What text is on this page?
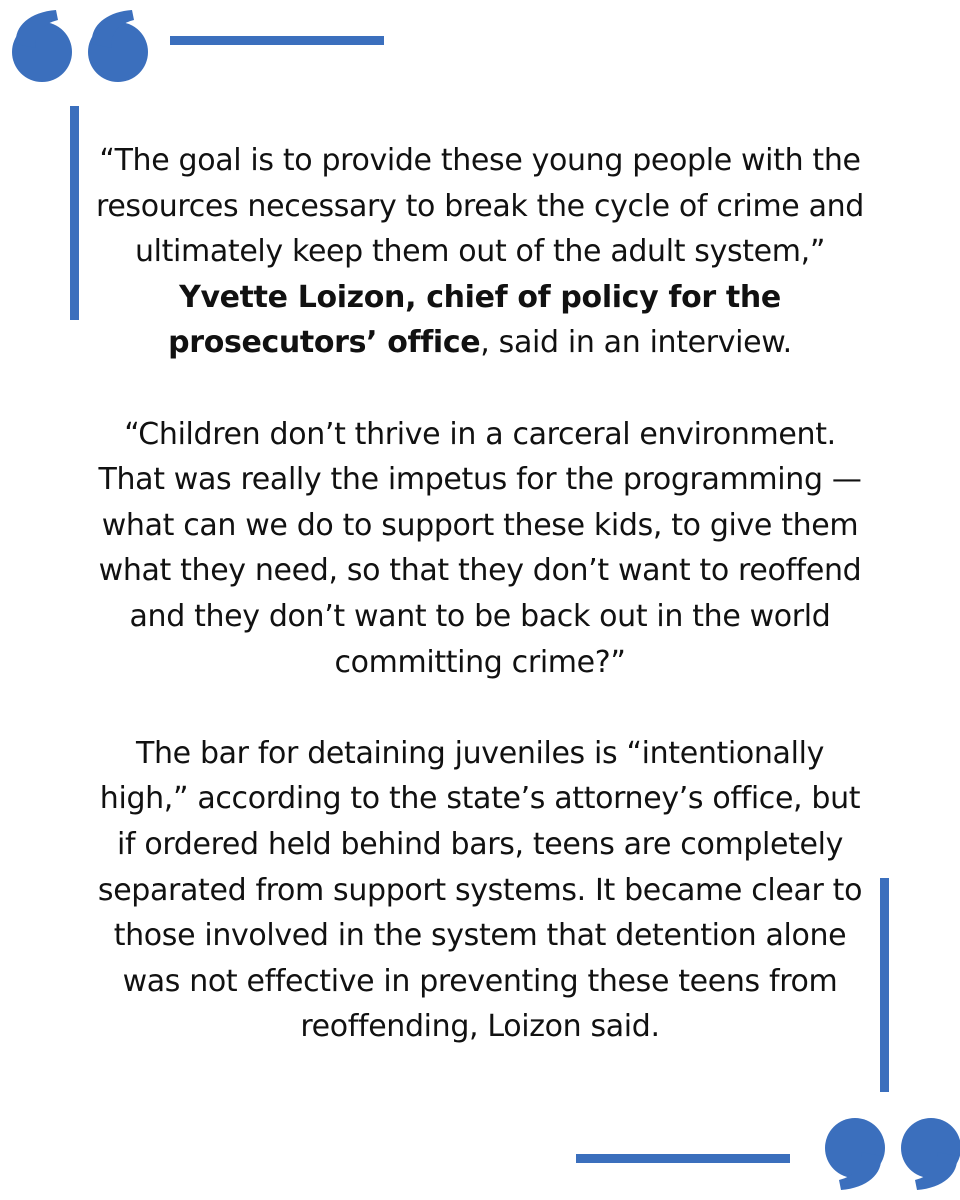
“The goal is to provide these young people with the resources necessary to break the cycle of crime and ultimately keep them out of the adult system,” Yvette Loizon, chief of policy for the prosecutors’ office, said in an interview.

“Children don’t thrive in a carceral environment. That was really the impetus for the programming — what can we do to support these kids, to give them what they need, so that they don’t want to reoffend and they don’t want to be back out in the world committing crime?”

The bar for detaining juveniles is “intentionally high,” according to the state’s attorney’s office, but if ordered held behind bars, teens are completely separated from support systems. It became clear to those involved in the system that detention alone was not effective in preventing these teens from reoffending, Loizon said.
